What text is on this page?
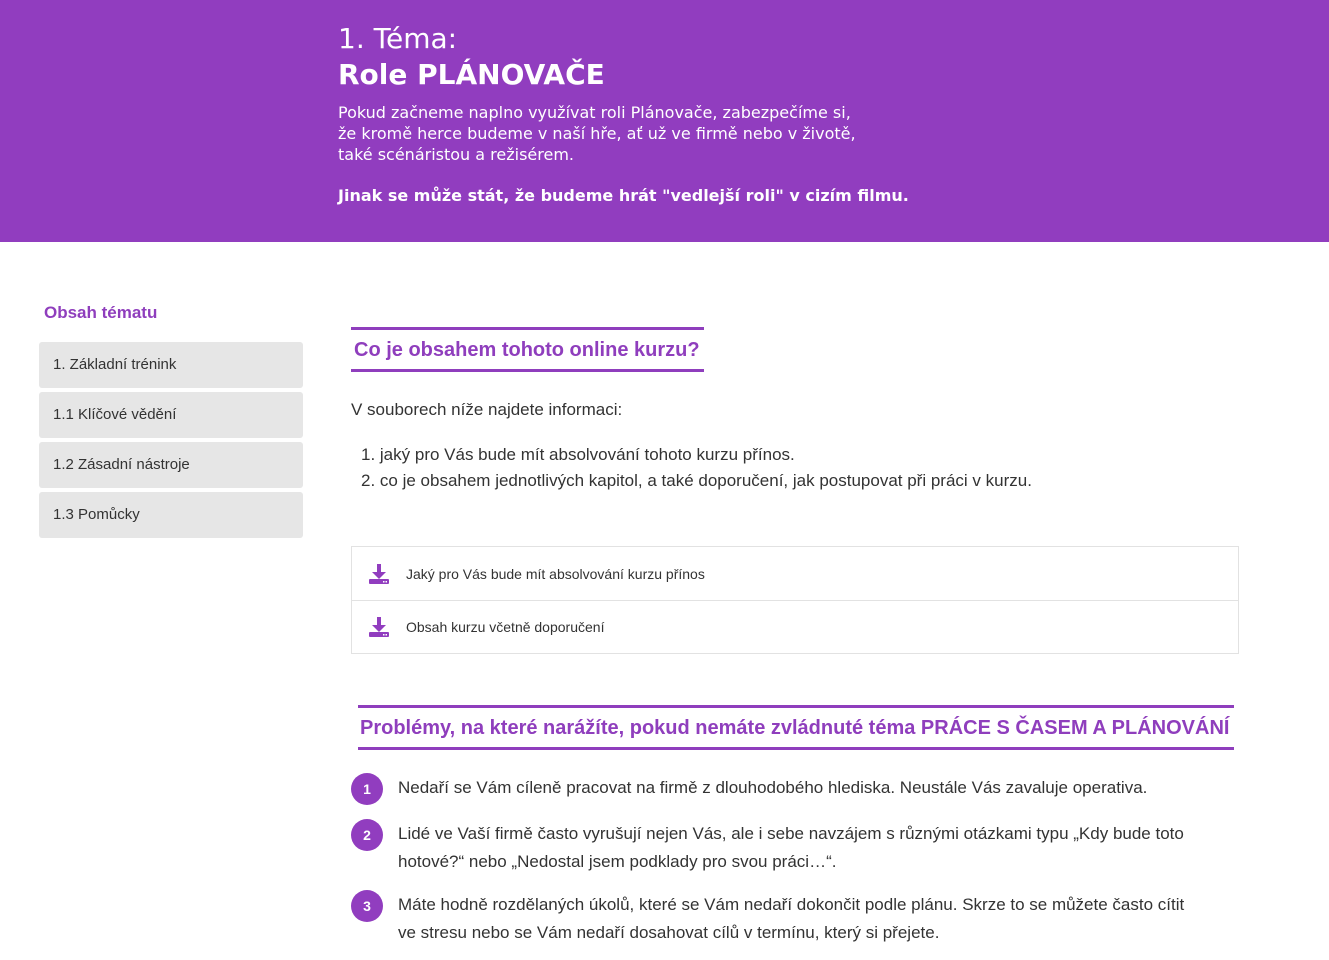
1. Téma:
Role PLÁNOVAČE
Pokud začneme naplno využívat roli Plánovače, zabezpečíme si,
že kromě herce budeme v naší hře, ať už ve firmě nebo v životě,
také scénáristou a režisérem.
Jinak se může stát, že budeme hrát "vedlejší roli" v cizím filmu.
Obsah tématu
1. Základní trénink
1.1 Klíčové vědění
1.2 Zásadní nástroje
1.3 Pomůcky
Co je obsahem tohoto online kurzu?

V souborech níže najdete informaci:

1. jaký pro Vás bude mít absolvování tohoto kurzu přínos.
2. co je obsahem jednotlivých kapitol, a také doporučení, jak postupovat při práci v kurzu.
Jaký pro Vás bude mít absolvování kurzu přínos
Obsah kurzu včetně doporučení
Problémy, na které narážíte, pokud nemáte zvládnuté téma PRÁCE S ČASEM A PLÁNOVÁNÍ
1	Nedaří se Vám cíleně pracovat na firmě z dlouhodobého hlediska. Neustále Vás zavaluje operativa.
2	Lidé ve Vaší firmě často vyrušují nejen Vás, ale i sebe navzájem s různými otázkami typu „Kdy bude toto
hotové?“ nebo „Nedostal jsem podklady pro svou práci…“.
3	Máte hodně rozdělaných úkolů, které se Vám nedaří dokončit podle plánu. Skrze to se můžete často cítit
ve stresu nebo se Vám nedaří dosahovat cílů v termínu, který si přejete.
